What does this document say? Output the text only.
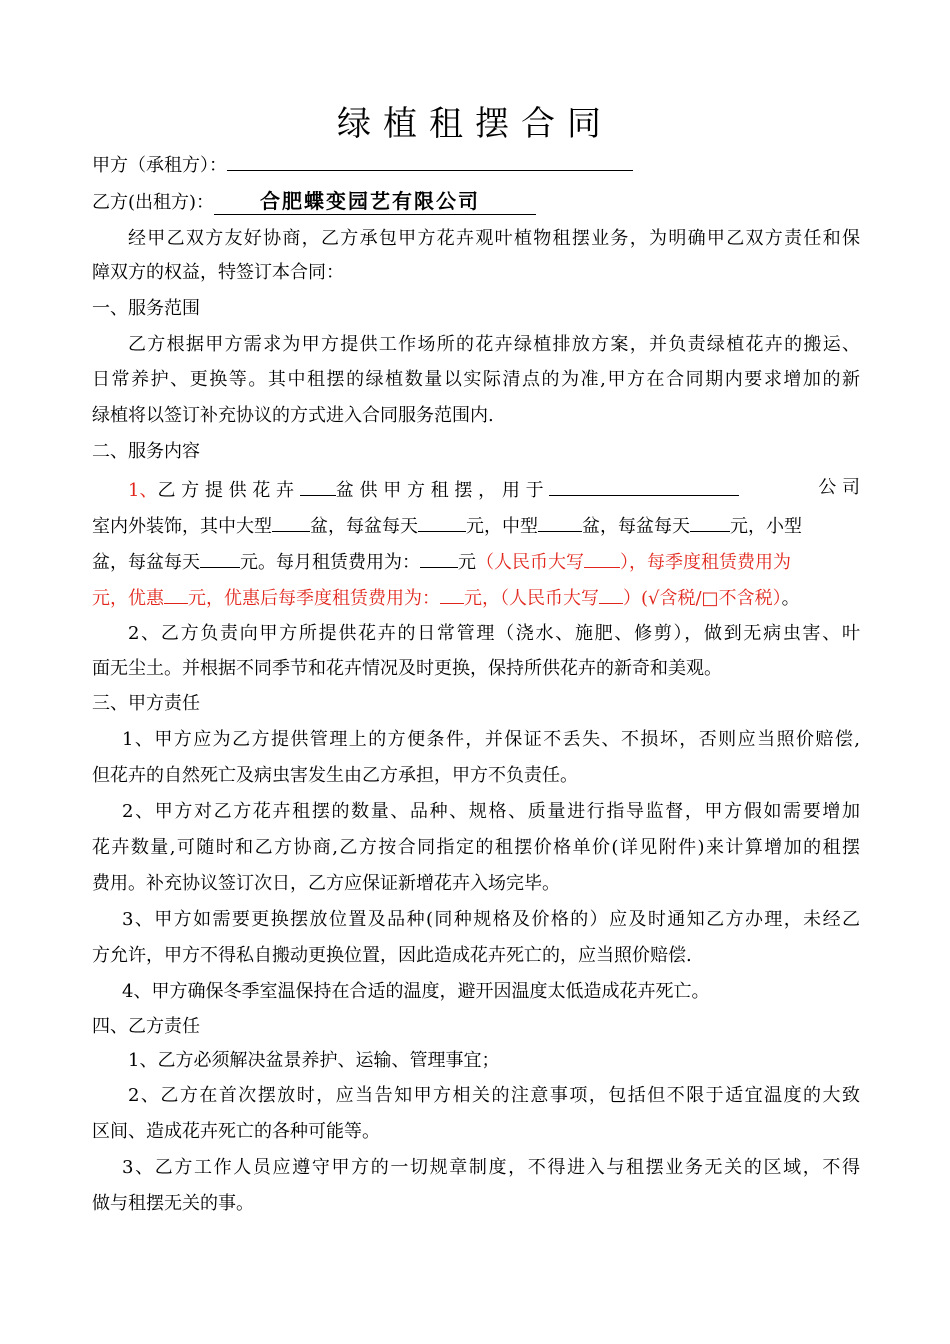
绿植租摆合同
甲方（承租方）：
乙方(出租方)： 合肥蝶变园艺有限公司
经甲乙双方友好协商，乙方承包甲方花卉观叶植物租摆业务，为明确甲乙双方责任和保
障双方的权益，特签订本合同：
一、服务范围
乙方根据甲方需求为甲方提供工作场所的花卉绿植排放方案，并负责绿植花卉的搬运、
日常养护、更换等。其中租摆的绿植数量以实际清点的为准,甲方在合同期内要求增加的新
绿植将以签订补充协议的方式进入合同服务范围内.
二、服务内容
1、乙 方 提 供 花 卉 盆 供 甲 方 租 摆 ， 用 于	公 司
室内外装饰，其中大型 盆，每盆每天	元，中型 盆，每盆每天 元，小型
盆，每盆每天 元。每月租赁费用为： 元（人民币大写 ），每季度租赁费用为
元，优惠 元，优惠后每季度租赁费用为： 元，（人民币大写 ）(√含税/□不含税）。
2、乙方负责向甲方所提供花卉的日常管理（浇水、施肥、修剪），做到无病虫害、叶
面无尘土。并根据不同季节和花卉情况及时更换，保持所供花卉的新奇和美观。
三、甲方责任
1、甲方应为乙方提供管理上的方便条件，并保证不丢失、不损坏，否则应当照价赔偿,
但花卉的自然死亡及病虫害发生由乙方承担，甲方不负责任。
2、甲方对乙方花卉租摆的数量、品种、规格、质量进行指导监督，甲方假如需要增加
花卉数量,可随时和乙方协商,乙方按合同指定的租摆价格单价(详见附件)来计算增加的租摆
费用。补充协议签订次日，乙方应保证新增花卉入场完毕。
3、甲方如需要更换摆放位置及品种(同种规格及价格的）应及时通知乙方办理，未经乙
方允许，甲方不得私自搬动更换位置，因此造成花卉死亡的，应当照价赔偿.
4、甲方确保冬季室温保持在合适的温度，避开因温度太低造成花卉死亡。
四、乙方责任
1、乙方必须解决盆景养护、运输、管理事宜；
2、乙方在首次摆放时，应当告知甲方相关的注意事项，包括但不限于适宜温度的大致
区间、造成花卉死亡的各种可能等。
3、乙方工作人员应遵守甲方的一切规章制度，不得进入与租摆业务无关的区域，不得
做与租摆无关的事。
